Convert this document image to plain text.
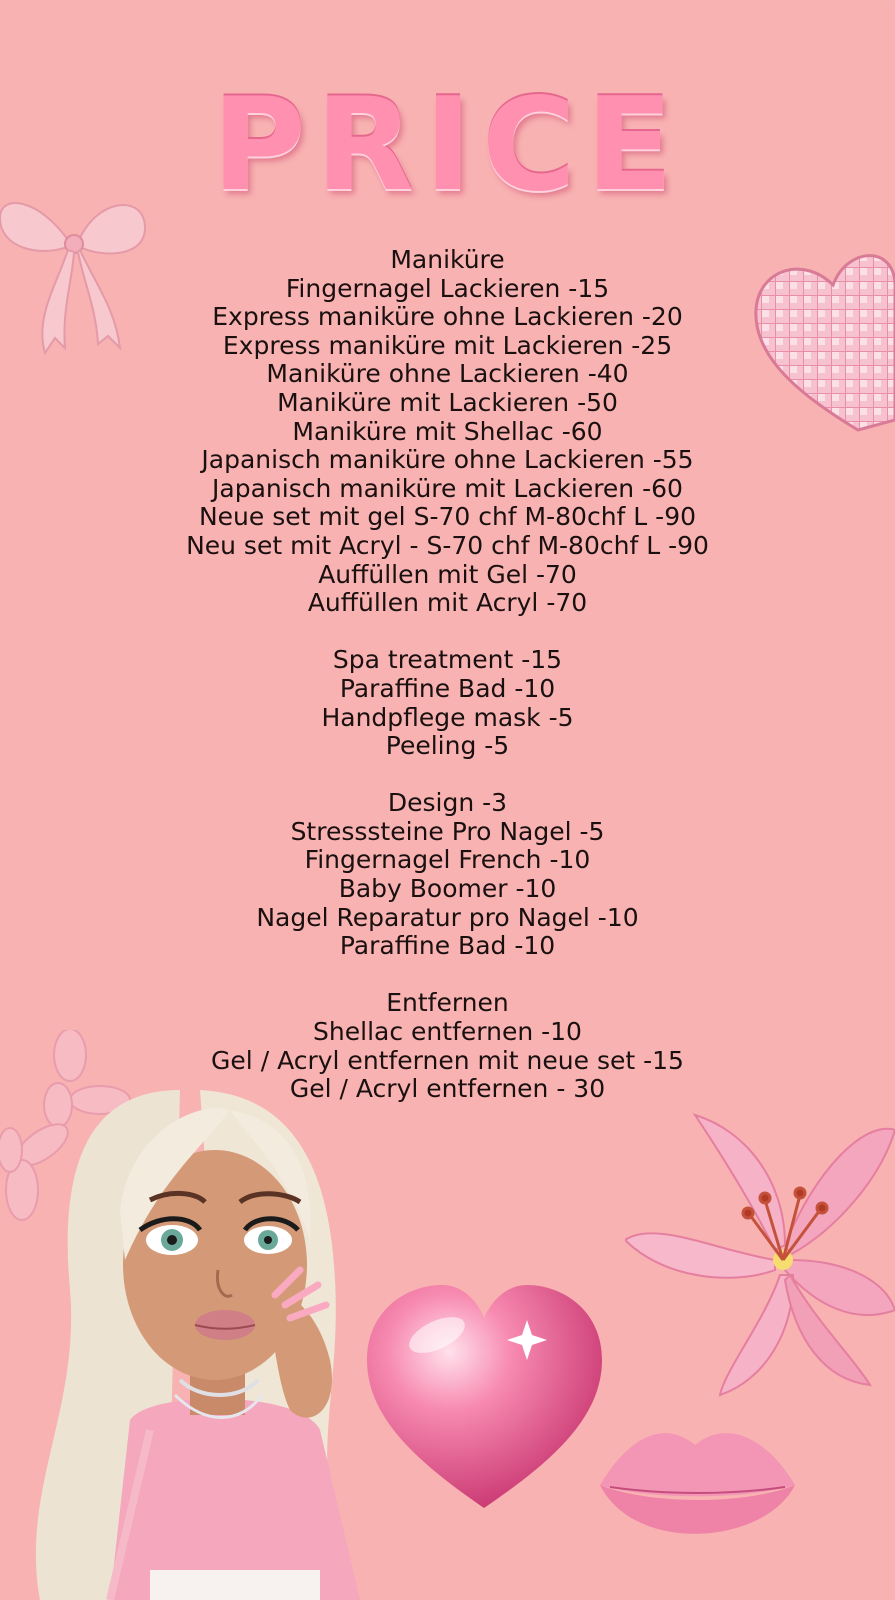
PRICE
Maniküre
Fingernagel Lackieren -15
Express maniküre ohne Lackieren -20
Express maniküre mit Lackieren -25
Maniküre ohne Lackieren -40
Maniküre mit Lackieren -50
Maniküre mit Shellac -60
Japanisch maniküre ohne Lackieren -55
Japanisch maniküre mit Lackieren -60
Neue set mit gel S-70 chf M-80chf L -90
Neu set mit Acryl - S-70 chf M-80chf L -90
Auffüllen mit Gel -70
Auffüllen mit Acryl -70
Spa treatment -15
Paraffine Bad -10
Handpflege mask -5
Peeling -5
Design -3
Stresssteine Pro Nagel -5
Fingernagel French -10
Baby Boomer -10
Nagel Reparatur pro Nagel -10
Paraffine Bad -10
Entfernen
Shellac entfernen -10
Gel / Acryl entfernen mit neue set -15
Gel / Acryl entfernen - 30
